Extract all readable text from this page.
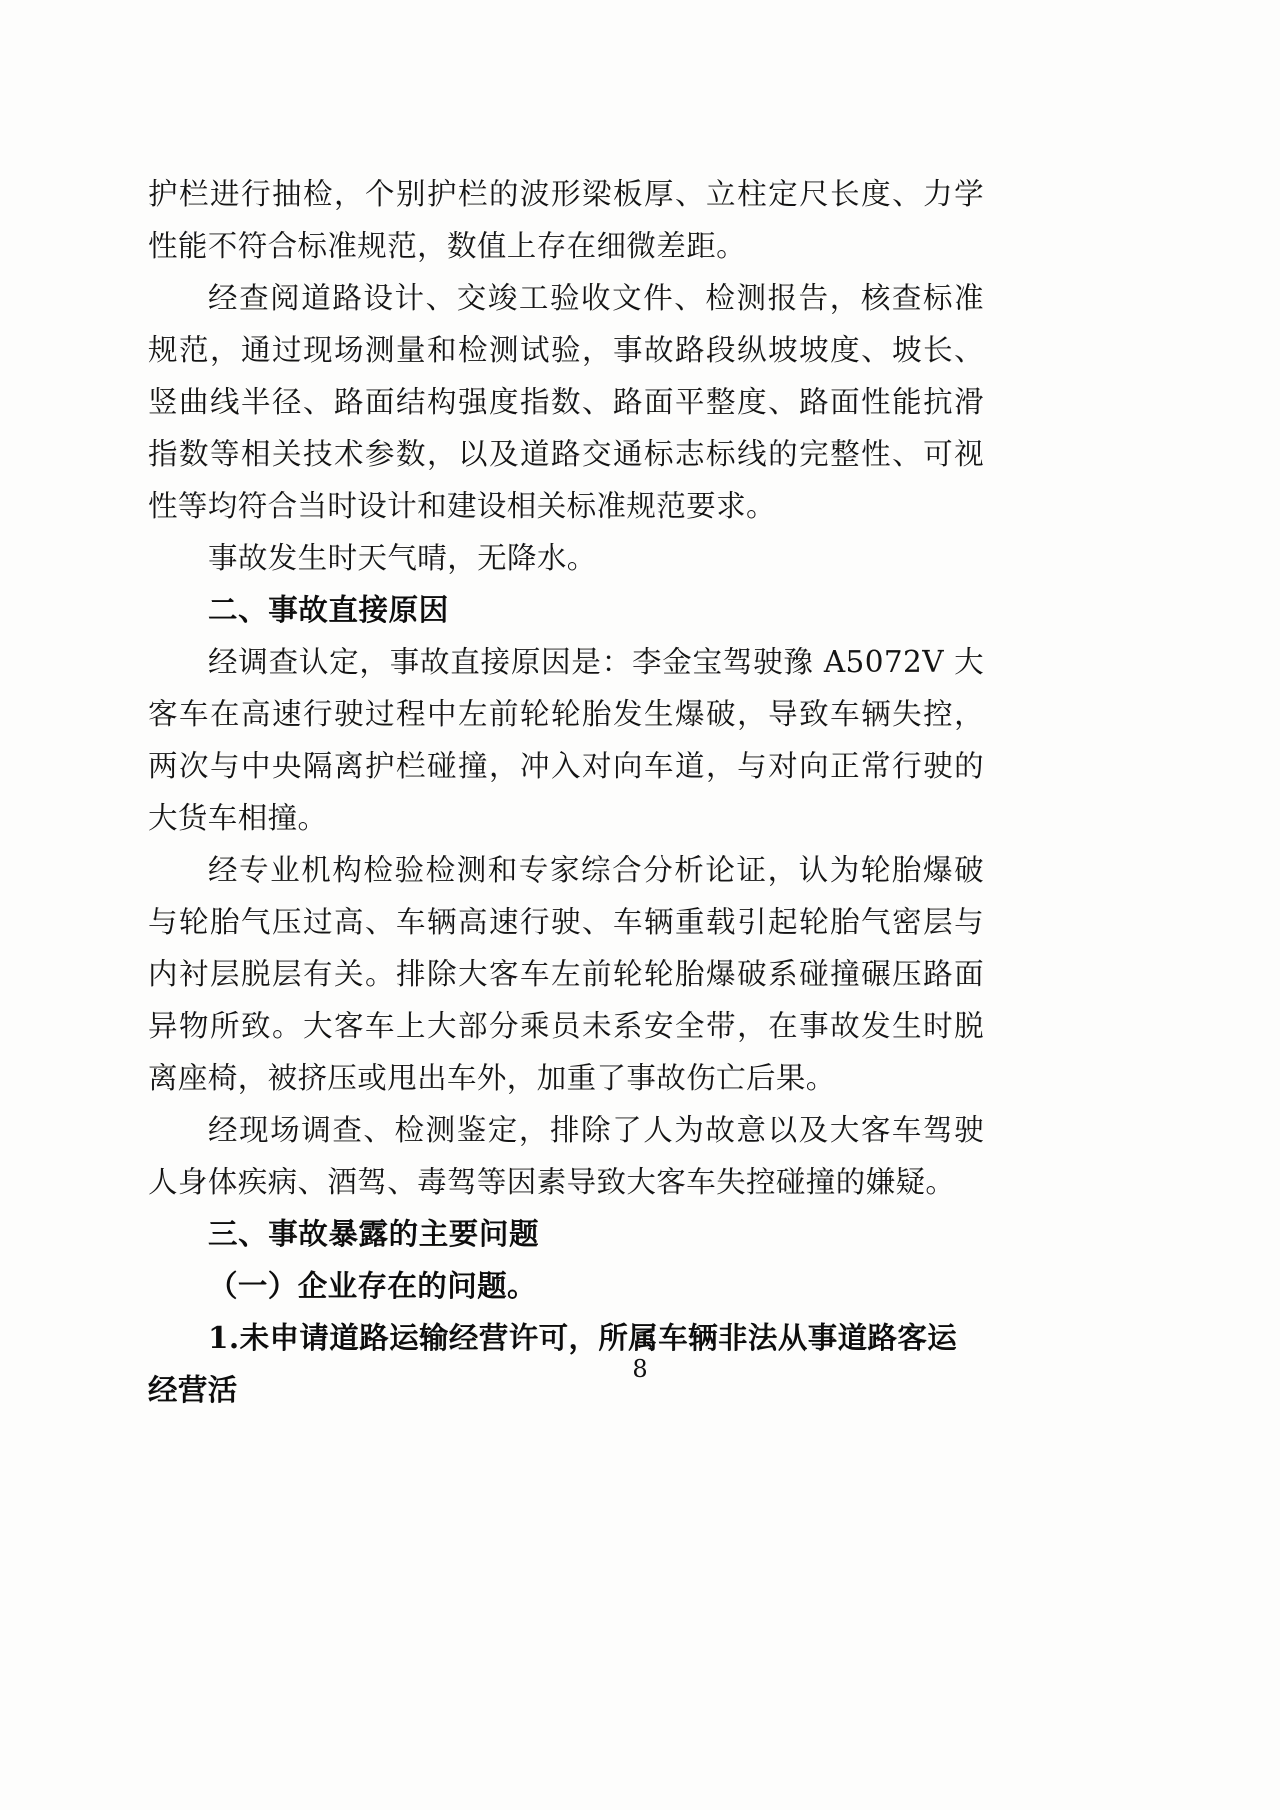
护栏进行抽检，个别护栏的波形梁板厚、立柱定尺长度、力学性能不符合标准规范，数值上存在细微差距。

经查阅道路设计、交竣工验收文件、检测报告，核查标准规范，通过现场测量和检测试验，事故路段纵坡坡度、坡长、竖曲线半径、路面结构强度指数、路面平整度、路面性能抗滑指数等相关技术参数，以及道路交通标志标线的完整性、可视性等均符合当时设计和建设相关标准规范要求。

事故发生时天气晴，无降水。

二、事故直接原因

经调查认定，事故直接原因是：李金宝驾驶豫 A5072V 大客车在高速行驶过程中左前轮轮胎发生爆破，导致车辆失控，两次与中央隔离护栏碰撞，冲入对向车道，与对向正常行驶的大货车相撞。

经专业机构检验检测和专家综合分析论证，认为轮胎爆破与轮胎气压过高、车辆高速行驶、车辆重载引起轮胎气密层与内衬层脱层有关。排除大客车左前轮轮胎爆破系碰撞碾压路面异物所致。大客车上大部分乘员未系安全带，在事故发生时脱离座椅，被挤压或甩出车外，加重了事故伤亡后果。

经现场调查、检测鉴定，排除了人为故意以及大客车驾驶人身体疾病、酒驾、毒驾等因素导致大客车失控碰撞的嫌疑。

三、事故暴露的主要问题

（一）企业存在的问题。

1.未申请道路运输经营许可，所属车辆非法从事道路客运经营活

8
